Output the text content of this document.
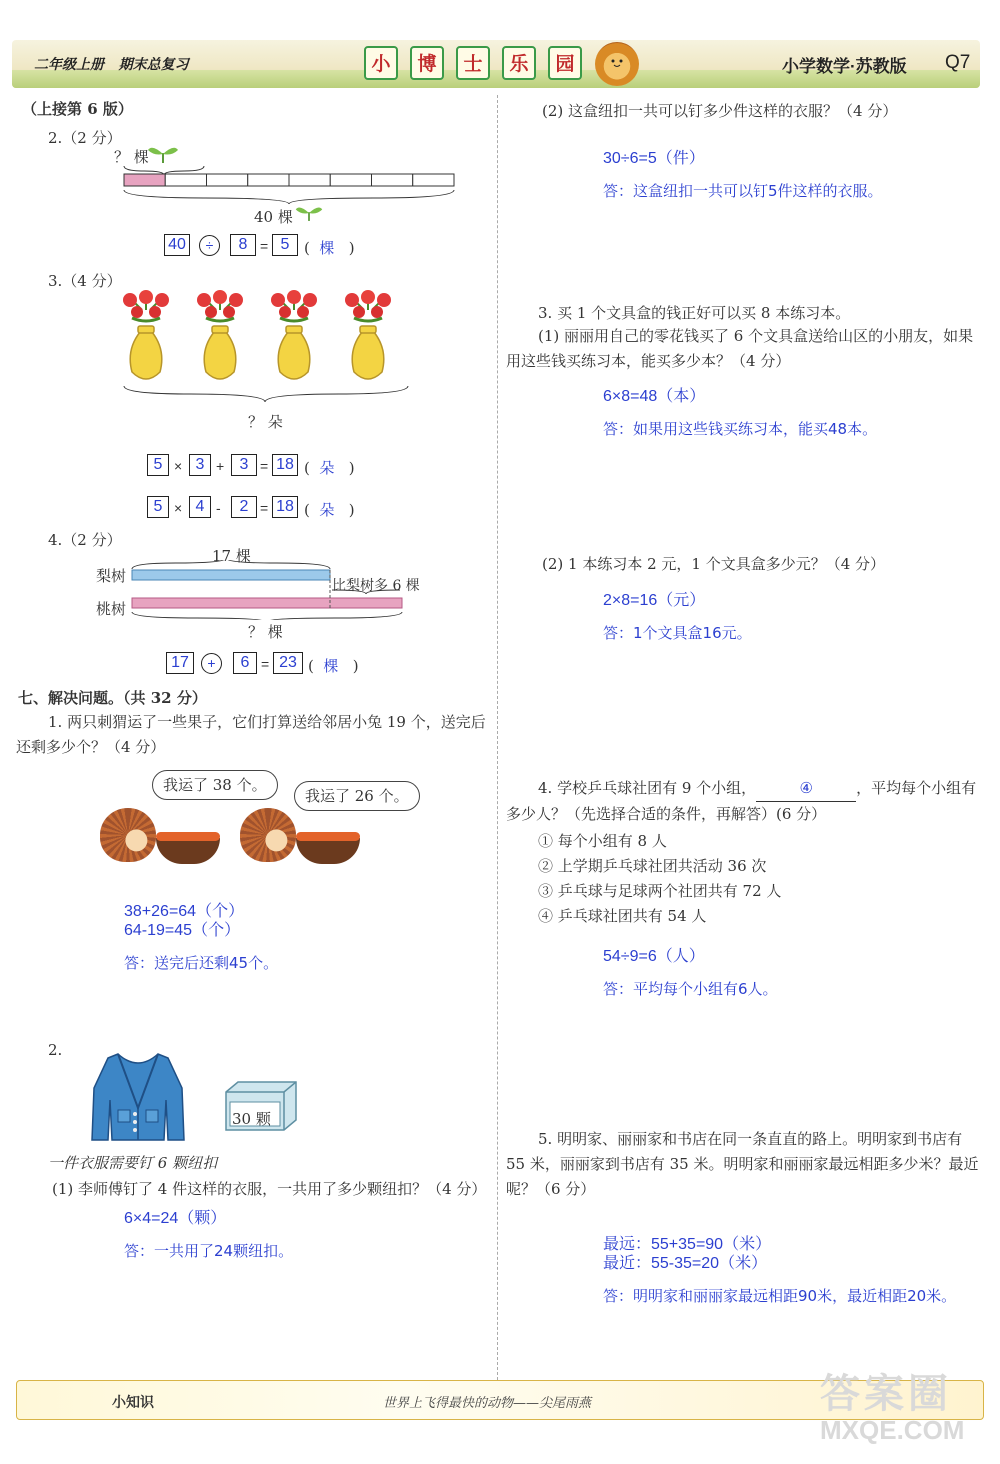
二年级上册   期末总复习	小	博	士	乐	园	小学数学·苏教版 Q7
（上接第 6 版）
2.（2 分）
？ 棵
40 棵
40	÷	8 = 5 (  棵   )
3.（4 分）
？ 朵
5 × 3 + 3 = 18 (  朵   )
5 × 4 -	2 = 18 (  朵   )
4.（2 分）
17 棵
梨树
桃树
比梨树多 6 棵
？ 棵
17	+	6 = 23 (  棵   )
七、解决问题。（共 32 分）
1. 两只刺猬运了一些果子，它们打算送给邻居小兔 19 个，送完后还剩多少个？（4 分）
我运了 38 个。
我运了 26 个。
38+26=64（个）
64-19=45（个）
答：送完后还剩45个。
2.
30 颗
一件衣服需要钉 6 颗纽扣
(1) 李师傅钉了 4 件这样的衣服，一共用了多少颗纽扣？（4 分）
6×4=24（颗）
答：一共用了24颗纽扣。
(2) 这盒纽扣一共可以钉多少件这样的衣服？（4 分）
30÷6=5（件）
答：这盒纽扣一共可以钉5件这样的衣服。
3. 买 1 个文具盒的钱正好可以买 8 本练习本。
(1) 丽丽用自己的零花钱买了 6 个文具盒送给山区的小朋友，如果用这些钱买练习本，能买多少本？（4 分）
6×8=48（本）
答：如果用这些钱买练习本，能买48本。
(2) 1 本练习本 2 元，1 个文具盒多少元？（4 分）
2×8=16（元）
答：1个文具盒16元。
4. 学校乒乓球社团有 9 个小组，	④	，平均每个小组有多少人？（先选择合适的条件，再解答）(6 分）
① 每个小组有 8 人
② 上学期乒乓球社团共活动 36 次
③ 乒乓球与足球两个社团共有 72 人
④ 乒乓球社团共有 54 人
54÷9=6（人）
答：平均每个小组有6人。
5. 明明家、丽丽家和书店在同一条直直的路上。明明家到书店有 55 米，丽丽家到书店有 35 米。明明家和丽丽家最远相距多少米？最近呢？（6 分）
最远：55+35=90（米）
最近：55-35=20（米）
答：明明家和丽丽家最远相距90米，最近相距20米。
小知识	世界上飞得最快的动物——尖尾雨燕	答案圈
MXQE.COM
